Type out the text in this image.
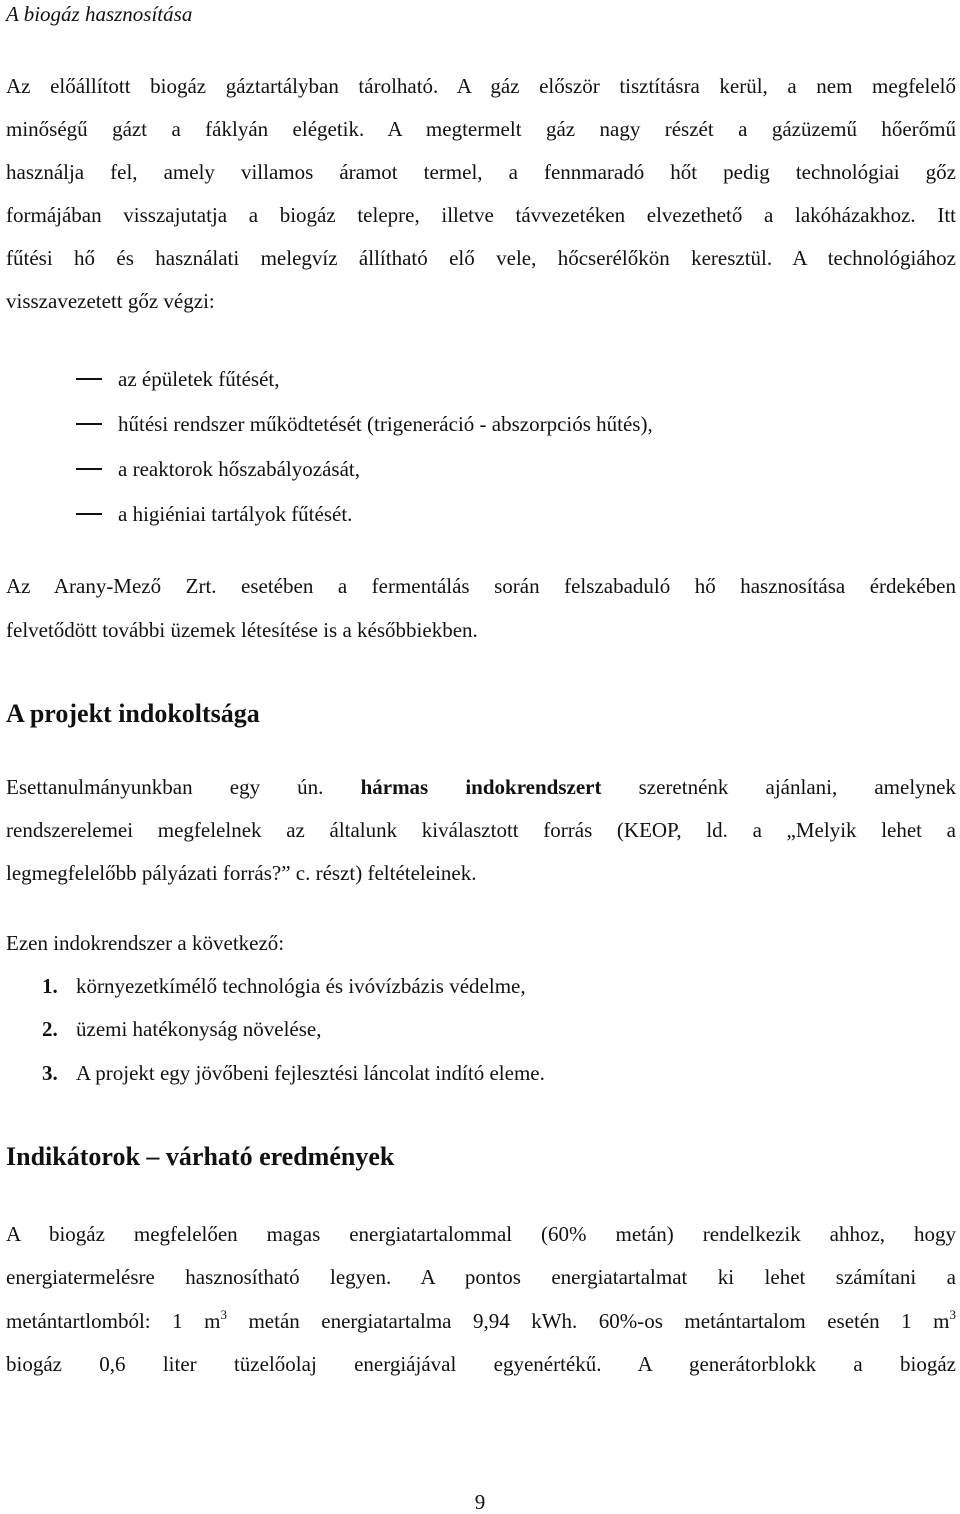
A biogáz hasznosítása
Az előállított biogáz gáztartályban tárolható. A gáz először tisztításra kerül, a nem megfelelő
minőségű gázt a fáklyán elégetik. A megtermelt gáz nagy részét a gázüzemű hőerőmű
használja fel, amely villamos áramot termel, a fennmaradó hőt pedig technológiai gőz
formájában visszajutatja a biogáz telepre, illetve távvezetéken elvezethető a lakóházakhoz. Itt
fűtési hő és használati melegvíz állítható elő vele, hőcserélőkön keresztül. A technológiához
visszavezetett gőz végzi:
az épületek fűtését,
hűtési rendszer működtetését (trigeneráció - abszorpciós hűtés),
a reaktorok hőszabályozását,
a higiéniai tartályok fűtését.
Az Arany-Mező Zrt. esetében a fermentálás során felszabaduló hő hasznosítása érdekében
felvetődött további üzemek létesítése is a későbbiekben.
A projekt indokoltsága
Esettanulmányunkban egy ún. hármas indokrendszert szeretnénk ajánlani, amelynek
rendszerelemei megfelelnek az általunk kiválasztott forrás (KEOP, ld. a „Melyik lehet a
legmegfelelőbb pályázati forrás?” c. részt) feltételeinek.
Ezen indokrendszer a következő:
1. környezetkímélő technológia és ivóvízbázis védelme,
2. üzemi hatékonyság növelése,
3. A projekt egy jövőbeni fejlesztési láncolat indító eleme.
Indikátorok – várható eredmények
A biogáz megfelelően magas energiatartalommal (60% metán) rendelkezik ahhoz, hogy
energiatermelésre hasznosítható legyen. A pontos energiatartalmat ki lehet számítani a
metántartlomból: 1 $m^3$ metán energiatartalma 9,94 kWh. 60%-os metántartalom esetén 1 $m^3$
biogáz 0,6 liter tüzelőolaj energiájával egyenértékű. A generátorblokk a biogáz
9
